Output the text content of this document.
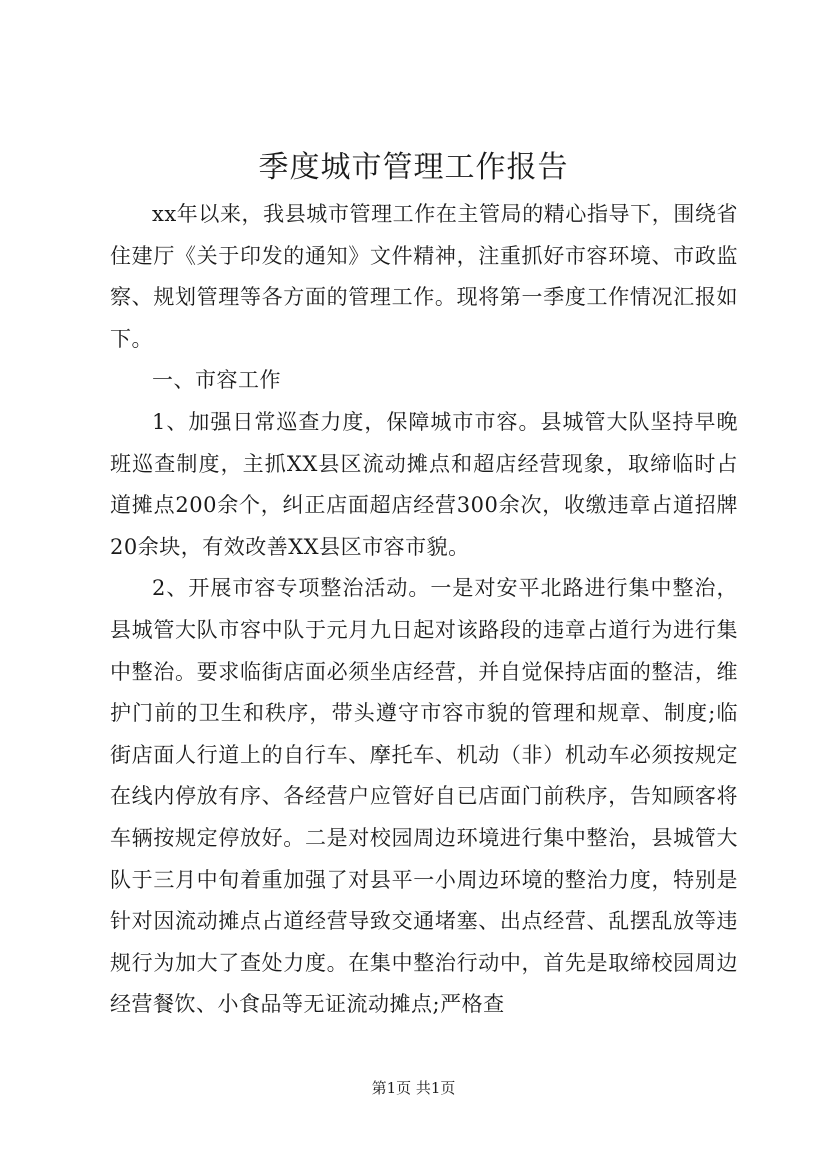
季度城市管理工作报告

xx年以来，我县城市管理工作在主管局的精心指导下，围绕省住建厅《关于印发的通知》文件精神，注重抓好市容环境、市政监察、规划管理等各方面的管理工作。现将第一季度工作情况汇报如下。

一、市容工作

1、加强日常巡查力度，保障城市市容。县城管大队坚持早晚班巡查制度，主抓XX县区流动摊点和超店经营现象，取缔临时占道摊点200余个，纠正店面超店经营300余次，收缴违章占道招牌20余块，有效改善XX县区市容市貌。

2、开展市容专项整治活动。一是对安平北路进行集中整治，县城管大队市容中队于元月九日起对该路段的违章占道行为进行集中整治。要求临街店面必须坐店经营，并自觉保持店面的整洁，维护门前的卫生和秩序，带头遵守市容市貌的管理和规章、制度;临街店面人行道上的自行车、摩托车、机动（非）机动车必须按规定在线内停放有序、各经营户应管好自已店面门前秩序，告知顾客将车辆按规定停放好。二是对校园周边环境进行集中整治，县城管大队于三月中旬着重加强了对县平一小周边环境的整治力度，特别是针对因流动摊点占道经营导致交通堵塞、出点经营、乱摆乱放等违规行为加大了查处力度。在集中整治行动中，首先是取缔校园周边经营餐饮、小食品等无证流动摊点;严格查

第1页 共1页
